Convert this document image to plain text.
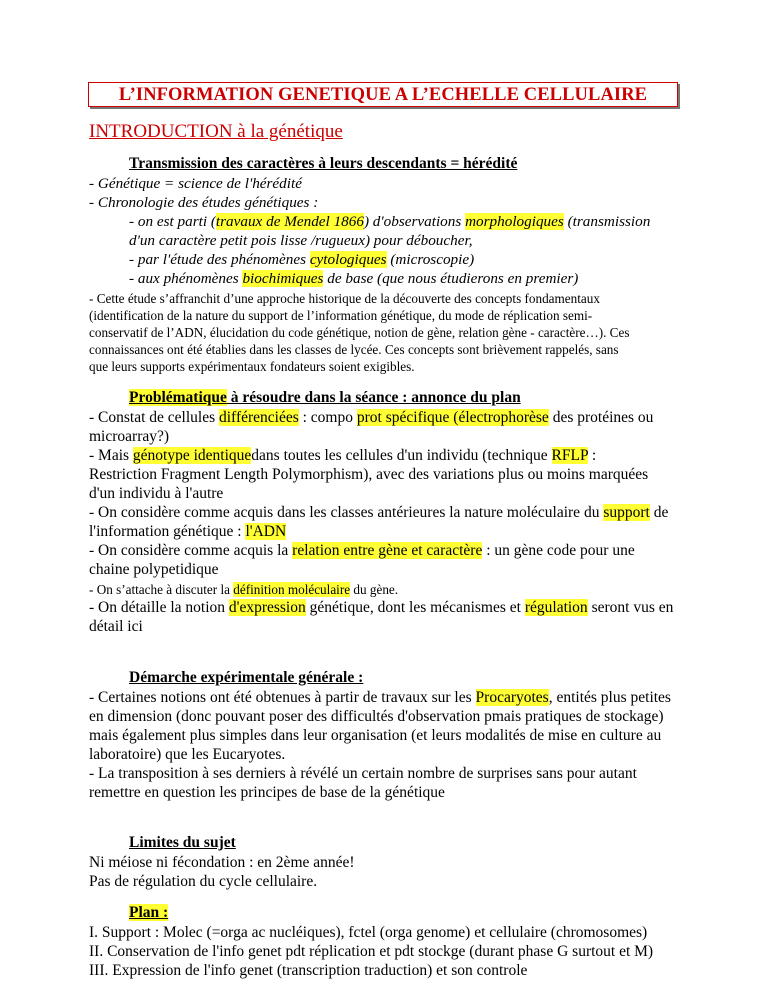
L’INFORMATION GENETIQUE A L’ECHELLE CELLULAIRE
INTRODUCTION à la génétique
Transmission des caractères à leurs descendants = hérédité
- Génétique = science de l'hérédité
- Chronologie des études génétiques :
- on est parti (travaux de Mendel 1866) d'observations morphologiques (transmission
d'un caractère petit pois lisse /rugueux) pour déboucher,
- par l'étude des phénomènes cytologiques (microscopie)
- aux phénomènes biochimiques de base (que nous étudierons en premier)
- Cette étude s’affranchit d’une approche historique de la découverte des concepts fondamentaux
(identification de la nature du support de l’information génétique, du mode de réplication semi-
conservatif de l’ADN, élucidation du code génétique, notion de gène, relation gène - caractère…). Ces
connaissances ont été établies dans les classes de lycée. Ces concepts sont brièvement rappelés, sans
que leurs supports expérimentaux fondateurs soient exigibles.
Problématique à résoudre dans la séance : annonce du plan
- Constat de cellules différenciées : compo prot spécifique (électrophorèse des protéines ou
microarray?)
- Mais génotype identiquedans toutes les cellules d'un individu (technique RFLP :
Restriction Fragment Length Polymorphism), avec des variations plus ou moins marquées
d'un individu à l'autre
- On considère comme acquis dans les classes antérieures la nature moléculaire du support de
l'information génétique : l'ADN
- On considère comme acquis la relation entre gène et caractère : un gène code pour une
chaine polypetidique
- On s’attache à discuter la définition moléculaire du gène.
- On détaille la notion d'expression génétique, dont les mécanismes et régulation seront vus en
détail ici
Démarche expérimentale générale :
- Certaines notions ont été obtenues à partir de travaux sur les Procaryotes, entités plus petites
en dimension (donc pouvant poser des difficultés d'observation pmais pratiques de stockage)
mais également plus simples dans leur organisation (et leurs modalités de mise en culture au
laboratoire) que les Eucaryotes.
- La transposition à ses derniers à révélé un certain nombre de surprises sans pour autant
remettre en question les principes de base de la génétique
Limites du sujet
Ni méiose ni fécondation : en 2ème année!
Pas de régulation du cycle cellulaire.
Plan :
I. Support : Molec (=orga ac nucléiques), fctel (orga genome) et cellulaire (chromosomes)
II. Conservation de l'info genet pdt réplication et pdt stockge (durant phase G surtout et M)
III. Expression de l'info genet (transcription traduction) et son controle
